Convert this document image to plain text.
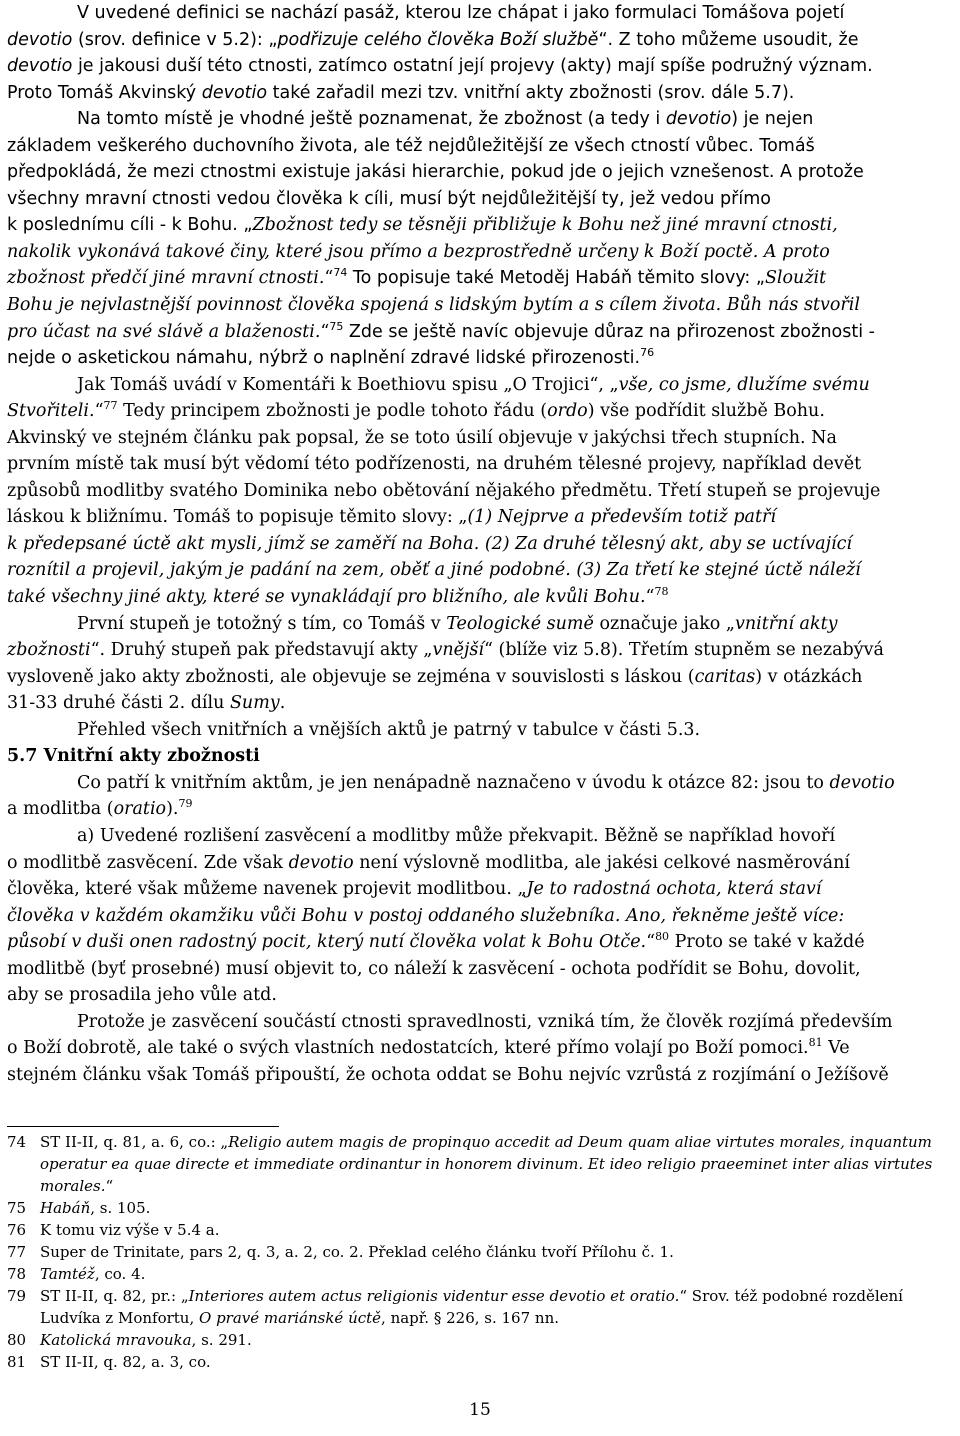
V uvedené definici se nachází pasáž, kterou lze chápat i jako formulaci Tomášova pojetí
devotio (srov. definice v 5.2): „podřizuje celého člověka Boží službě“. Z toho můžeme usoudit, že
devotio je jakousi duší této ctnosti, zatímco ostatní její projevy (akty) mají spíše podružný význam.
Proto Tomáš Akvinský devotio také zařadil mezi tzv. vnitřní akty zbožnosti (srov. dále 5.7).
Na tomto místě je vhodné ještě poznamenat, že zbožnost (a tedy i devotio) je nejen
základem veškerého duchovního života, ale též nejdůležitější ze všech ctností vůbec. Tomáš
předpokládá, že mezi ctnostmi existuje jakási hierarchie, pokud jde o jejich vznešenost. A protože
všechny mravní ctnosti vedou člověka k cíli, musí být nejdůležitější ty, jež vedou přímo
k poslednímu cíli - k Bohu. „Zbožnost tedy se těsněji přibližuje k Bohu než jiné mravní ctnosti,
nakolik vykonává takové činy, které jsou přímo a bezprostředně určeny k Boží poctě. A proto
zbožnost předčí jiné mravní ctnosti.“$^{74}$ To popisuje také Metoděj Habáň těmito slovy: „Sloužit
Bohu je nejvlastnější povinnost člověka spojená s lidským bytím a s cílem života. Bůh nás stvořil
pro účast na své slávě a blaženosti.“$^{75}$ Zde se ještě navíc objevuje důraz na přirozenost zbožnosti -
nejde o asketickou námahu, nýbrž o naplnění zdravé lidské přirozenosti.$^{76}$
Jak Tomáš uvádí v Komentáři k Boethiovu spisu „O Trojici“, „vše, co jsme, dlužíme svému
Stvořiteli.“$^{77}$ Tedy principem zbožnosti je podle tohoto řádu (ordo) vše podřídit službě Bohu.
Akvinský ve stejném článku pak popsal, že se toto úsilí objevuje v jakýchsi třech stupních. Na
prvním místě tak musí být vědomí této podřízenosti, na druhém tělesné projevy, například devět
způsobů modlitby svatého Dominika nebo obětování nějakého předmětu. Třetí stupeň se projevuje
láskou k bližnímu. Tomáš to popisuje těmito slovy: „(1) Nejprve a především totiž patří
k předepsané úctě akt mysli, jímž se zaměří na Boha. (2) Za druhé tělesný akt, aby se uctívající
roznítil a projevil, jakým je padání na zem, oběť a jiné podobné. (3) Za třetí ke stejné úctě náleží
také všechny jiné akty, které se vynakládají pro bližního, ale kvůli Bohu.“$^{78}$
První stupeň je totožný s tím, co Tomáš v Teologické sumě označuje jako „vnitřní akty
zbožnosti“. Druhý stupeň pak představují akty „vnější“ (blíže viz 5.8). Třetím stupněm se nezabývá
vysloveně jako akty zbožnosti, ale objevuje se zejména v souvislosti s láskou (caritas) v otázkách
31-33 druhé části 2. dílu Sumy.
Přehled všech vnitřních a vnějších aktů je patrný v tabulce v části 5.3.
5.7 Vnitřní akty zbožnosti
Co patří k vnitřním aktům, je jen nenápadně naznačeno v úvodu k otázce 82: jsou to devotio
a modlitba (oratio).$^{79}$
a) Uvedené rozlišení zasvěcení a modlitby může překvapit. Běžně se například hovoří
o modlitbě zasvěcení. Zde však devotio není výslovně modlitba, ale jakési celkové nasměrování
člověka, které však můžeme navenek projevit modlitbou. „Je to radostná ochota, která staví
člověka v každém okamžiku vůči Bohu v postoj oddaného služebníka. Ano, řekněme ještě více:
působí v duši onen radostný pocit, který nutí člověka volat k Bohu Otče.“$^{80}$ Proto se také v každé
modlitbě (byť prosebné) musí objevit to, co náleží k zasvěcení - ochota podřídit se Bohu, dovolit,
aby se prosadila jeho vůle atd.
Protože je zasvěcení součástí ctnosti spravedlnosti, vzniká tím, že člověk rozjímá především
o Boží dobrotě, ale také o svých vlastních nedostatcích, které přímo volají po Boží pomoci.$^{81}$ Ve
stejném článku však Tomáš připouští, že ochota oddat se Bohu nejvíc vzrůstá z rozjímání o Ježíšově
74 ST II-II, q. 81, a. 6, co.: „Religio autem magis de propinquo accedit ad Deum quam aliae virtutes morales, inquantum operatur ea quae directe et immediate ordinantur in honorem divinum. Et ideo religio praeeminet inter alias virtutes morales.“
75 Habáň, s. 105.
76 K tomu viz výše v 5.4 a.
77 Super de Trinitate, pars 2, q. 3, a. 2, co. 2. Překlad celého článku tvoří Přílohu č. 1.
78 Tamtéž, co. 4.
79 ST II-II, q. 82, pr.: „Interiores autem actus religionis videntur esse devotio et oratio.“ Srov. též podobné rozdělení Ludvíka z Monfortu, O pravé mariánské úctě, např. § 226, s. 167 nn.
80 Katolická mravouka, s. 291.
81 ST II-II, q. 82, a. 3, co.
15
